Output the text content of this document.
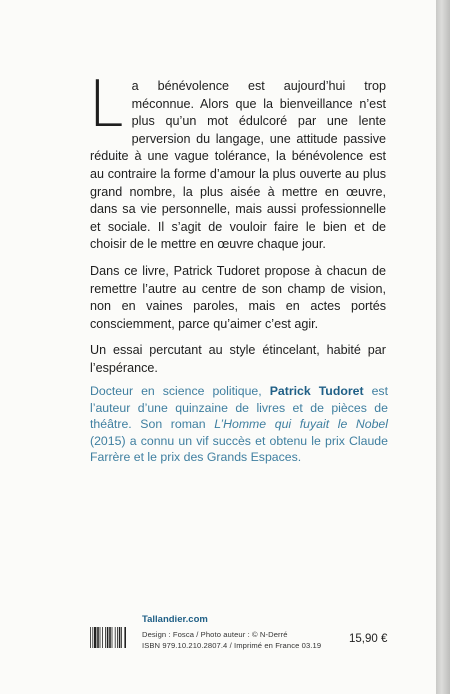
La bénévolence est aujourd’hui trop méconnue. Alors que la bienveillance n’est plus qu’un mot édulcoré par une lente perversion du langage, une attitude passive réduite à une vague tolérance, la bénévolence est au contraire la forme d’amour la plus ouverte au plus grand nombre, la plus aisée à mettre en œuvre, dans sa vie personnelle, mais aussi professionnelle et sociale. Il s’agit de vouloir faire le bien et de choisir de le mettre en œuvre chaque jour.

Dans ce livre, Patrick Tudoret propose à chacun de remettre l’autre au centre de son champ de vision, non en vaines paroles, mais en actes portés consciemment, parce qu’aimer c’est agir.

Un essai percutant au style étincelant, habité par l’espérance.

Docteur en science politique, Patrick Tudoret est l’auteur d’une quinzaine de livres et de pièces de théâtre. Son roman L’Homme qui fuyait le Nobel (2015) a connu un vif succès et obtenu le prix Claude Farrère et le prix des Grands Espaces.

Tallandier.com
Design : Fosca / Photo auteur : © N-Derré
ISBN 979.10.210.2807.4 / Imprimé en France 03.19
15,90 €
